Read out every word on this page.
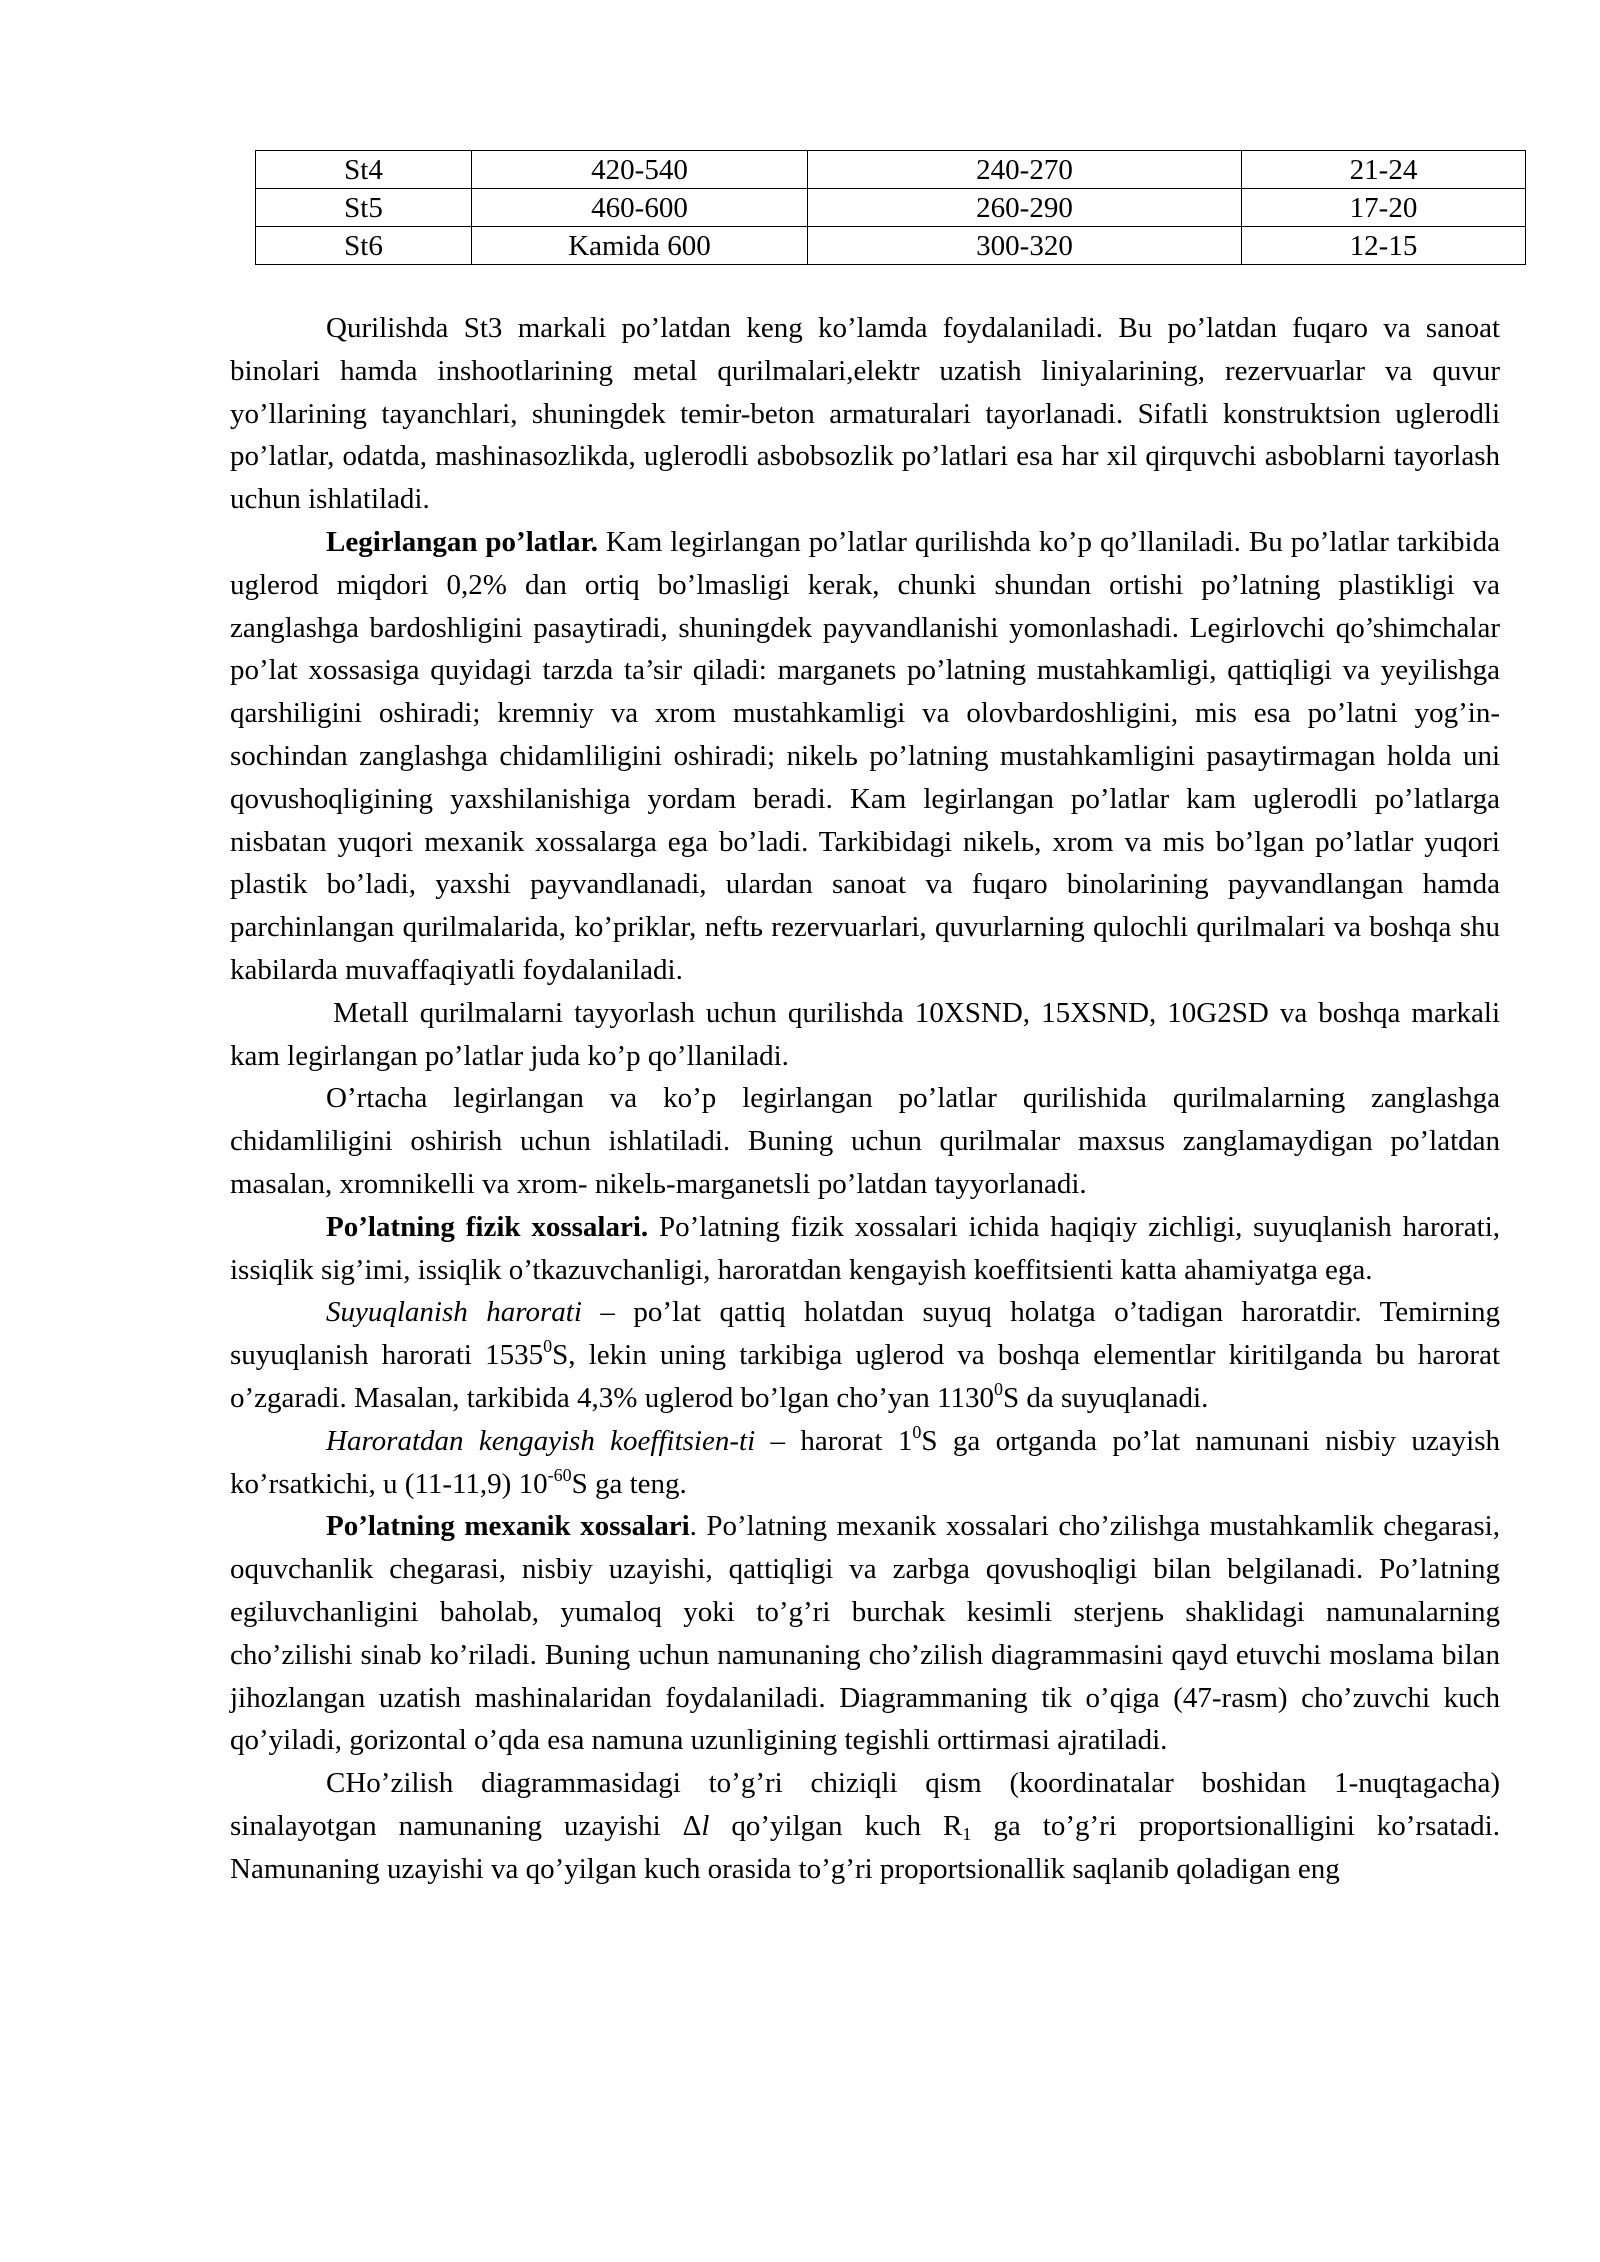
St4	420-540	240-270	21-24
St5	460-600	260-290	17-20
St6	Kamida 600	300-320	12-15

Qurilishda St3 markali po’latdan keng ko’lamda foydalaniladi. Bu po’latdan fuqaro va sanoat binolari hamda inshootlarining metal qurilmalari,elektr uzatish liniyalarining, rezervuarlar va quvur yo’llarining tayanchlari, shuningdek temir-beton armaturalari tayorlanadi. Sifatli konstruktsion uglerodli po’latlar, odatda, mashinasozlikda, uglerodli asbobsozlik po’latlari esa har xil qirquvchi asboblarni tayorlash uchun ishlatiladi.

Legirlangan po’latlar. Kam legirlangan po’latlar qurilishda ko’p qo’llaniladi. Bu po’latlar tarkibida uglerod miqdori 0,2% dan ortiq bo’lmasligi kerak, chunki shundan ortishi po’latning plastikligi va zanglashga bardoshligini pasaytiradi, shuningdek payvandlanishi yomonlashadi. Legirlovchi qo’shimchalar po’lat xossasiga quyidagi tarzda ta’sir qiladi: marganets po’latning mustahkamligi, qattiqligi va yeyilishga qarshiligini oshiradi; kremniy va xrom mustahkamligi va olovbardoshligini, mis esa po’latni yog’in-sochindan zanglashga chidamliligini oshiradi; nikelь po’latning mustahkamligini pasaytirmagan holda uni qovushoqligining yaxshilanishiga yordam beradi. Kam legirlangan po’latlar kam uglerodli po’latlarga nisbatan yuqori mexanik xossalarga ega bo’ladi. Tarkibidagi nikelь, xrom va mis bo’lgan po’latlar yuqori plastik bo’ladi, yaxshi payvandlanadi, ulardan sanoat va fuqaro binolarining payvandlangan hamda parchinlangan qurilmalarida, ko’priklar, neftь rezervuarlari, quvurlarning qulochli qurilmalari va boshqa shu kabilarda muvaffaqiyatli foydalaniladi.

Metall qurilmalarni tayyorlash uchun qurilishda 10XSND, 15XSND, 10G2SD va boshqa markali kam legirlangan po’latlar juda ko’p qo’llaniladi.

O’rtacha legirlangan va ko’p legirlangan po’latlar qurilishida qurilmalarning zanglashga chidamliligini oshirish uchun ishlatiladi. Buning uchun qurilmalar maxsus zanglamaydigan po’latdan masalan, xromnikelli va xrom- nikelь-marganetsli po’latdan tayyorlanadi.

Po’latning fizik xossalari. Po’latning fizik xossalari ichida haqiqiy zichligi, suyuqlanish harorati, issiqlik sig’imi, issiqlik o’tkazuvchanligi, haroratdan kengayish koeffitsienti katta ahamiyatga ega.

Suyuqlanish harorati – po’lat qattiq holatdan suyuq holatga o’tadigan haroratdir. Temirning suyuqlanish harorati 1535$^0$S, lekin uning tarkibiga uglerod va boshqa elementlar kiritilganda bu harorat o’zgaradi. Masalan, tarkibida 4,3% uglerod bo’lgan cho’yan 1130$^0$S da suyuqlanadi.

Haroratdan kengayish koeffitsien-ti – harorat $1^0S$ ga ortganda po’lat namunani nisbiy uzayish ko’rsatkichi, u (11-11,9) $10^{-60}S$ ga teng.

Po’latning mexanik xossalari. Po’latning mexanik xossalari cho’zilishga mustahkamlik chegarasi, oquvchanlik chegarasi, nisbiy uzayishi, qattiqligi va zarbga qovushoqligi bilan belgilanadi. Po’latning egiluvchanligini baholab, yumaloq yoki to’g’ri burchak kesimli sterjenь shaklidagi namunalarning cho’zilishi sinab ko’riladi. Buning uchun namunaning cho’zilish diagrammasini qayd etuvchi moslama bilan jihozlangan uzatish mashinalaridan foydalaniladi. Diagrammaning tik o’qiga (47-rasm) cho’zuvchi kuch qo’yiladi, gorizontal o’qda esa namuna uzunligining tegishli orttirmasi ajratiladi.

CHo’zilish diagrammasidagi to’g’ri chiziqli qism (koordinatalar boshidan 1-nuqtagacha) sinalayotgan namunaning uzayishi Δl qo’yilgan kuch $R_1$ ga to’g’ri proportsionalligini ko’rsatadi. Namunaning uzayishi va qo’yilgan kuch orasida to’g’ri proportsionallik saqlanib qoladigan eng
